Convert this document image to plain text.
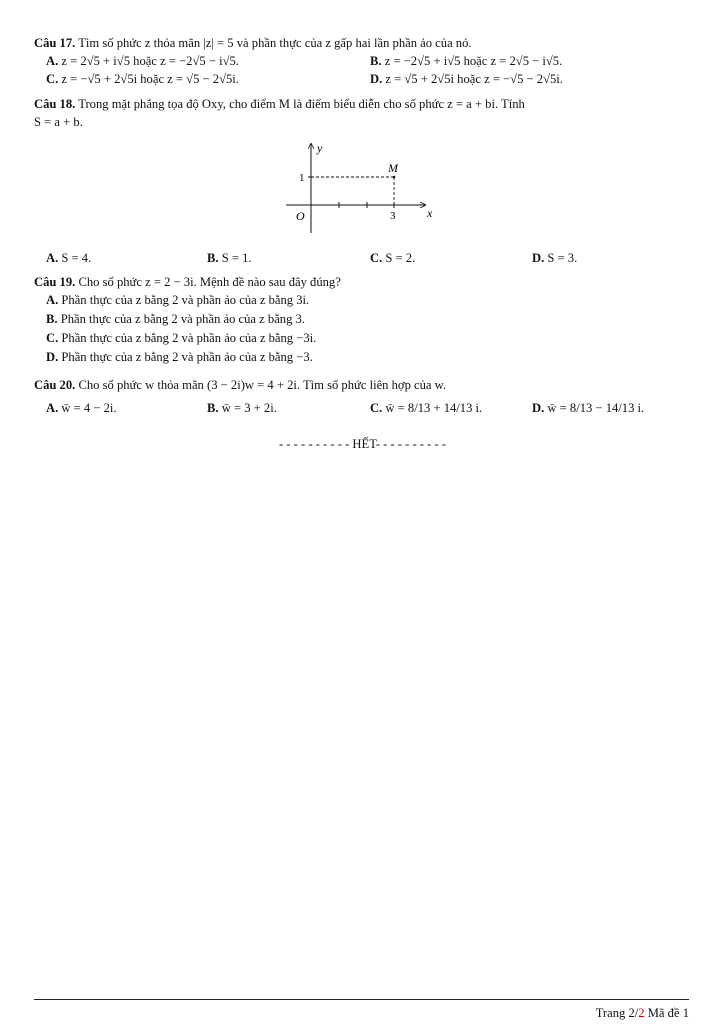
Câu 17. Tìm số phức z thỏa mãn |z| = 5 và phần thực của z gấp hai lần phần ảo của nó.
A. z = 2√5 + i√5 hoặc z = −2√5 − i√5.	B. z = −2√5 + i√5 hoặc z = 2√5 − i√5.
C. z = −√5 + 2√5i hoặc z = √5 − 2√5i.	D. z = √5 + 2√5i hoặc z = −√5 − 2√5i.
Câu 18. Trong mặt phẳng tọa độ Oxy, cho điểm M là điểm biểu diễn cho số phức z = a + bi. Tính
S = a + b.
y
x
O
M
1
3
A. S = 4.	B. S = 1.	C. S = 2.	D. S = 3.
Câu 19. Cho số phức z = 2 − 3i. Mệnh đề nào sau đây đúng?
A. Phần thực của z bằng 2 và phần ảo của z bằng 3i.
B. Phần thực của z bằng 2 và phần ảo của z bằng 3.
C. Phần thực của z bằng 2 và phần ảo của z bằng −3i.
D. Phần thực của z bằng 2 và phần ảo của z bằng −3.
Câu 20. Cho số phức w thỏa mãn (3 − 2i)w = 4 + 2i. Tìm số phức liên hợp của w.
A. w̄ = 4 − 2i.	B. w̄ = 3 + 2i.	C. w̄ = 8/13 + 14/13 i.	D. w̄ = 8/13 − 14/13 i.
- - - - - - - - - - HẾT- - - - - - - - - -
Trang 2/2 Mã đề 1
